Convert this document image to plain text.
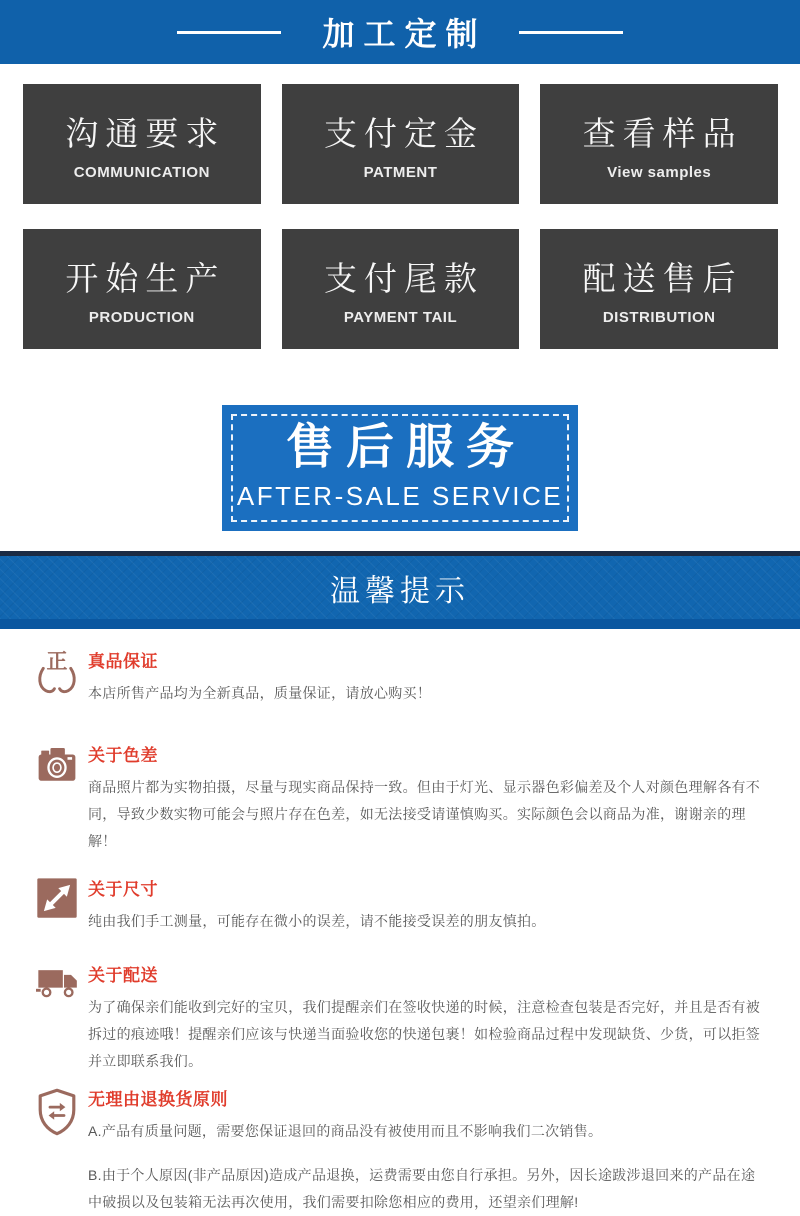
加工定制
沟通要求
COMMUNICATION
支付定金
PATMENT
查看样品
View samples
开始生产
PRODUCTION
支付尾款
PAYMENT TAIL
配送售后
DISTRIBUTION
售后服务
AFTER-SALE SERVICE
温馨提示
正 真品保证

本店所售产品均为全新真品，质量保证，请放心购买！

关于色差

商品照片都为实物拍摄，尽量与现实商品保持一致。但由于灯光、显示器色彩偏差及个人对颜色理解各有不同，导致少数实物可能会与照片存在色差，如无法接受请谨慎购买。实际颜色会以商品为准，谢谢亲的理解！

关于尺寸

纯由我们手工测量，可能存在微小的误差，请不能接受误差的朋友慎拍。

关于配送

为了确保亲们能收到完好的宝贝，我们提醒亲们在签收快递的时候，注意检查包装是否完好，并且是否有被拆过的痕迹哦！提醒亲们应该与快递当面验收您的快递包裹！如检验商品过程中发现缺货、少货，可以拒签并立即联系我们。

无理由退换货原则

A.产品有质量问题，需要您保证退回的商品没有被使用而且不影响我们二次销售。

B.由于个人原因(非产品原因)造成产品退换，运费需要由您自行承担。另外，因长途跋涉退回来的产品在途中破损以及包装箱无法再次使用，我们需要扣除您相应的费用，还望亲们理解!
